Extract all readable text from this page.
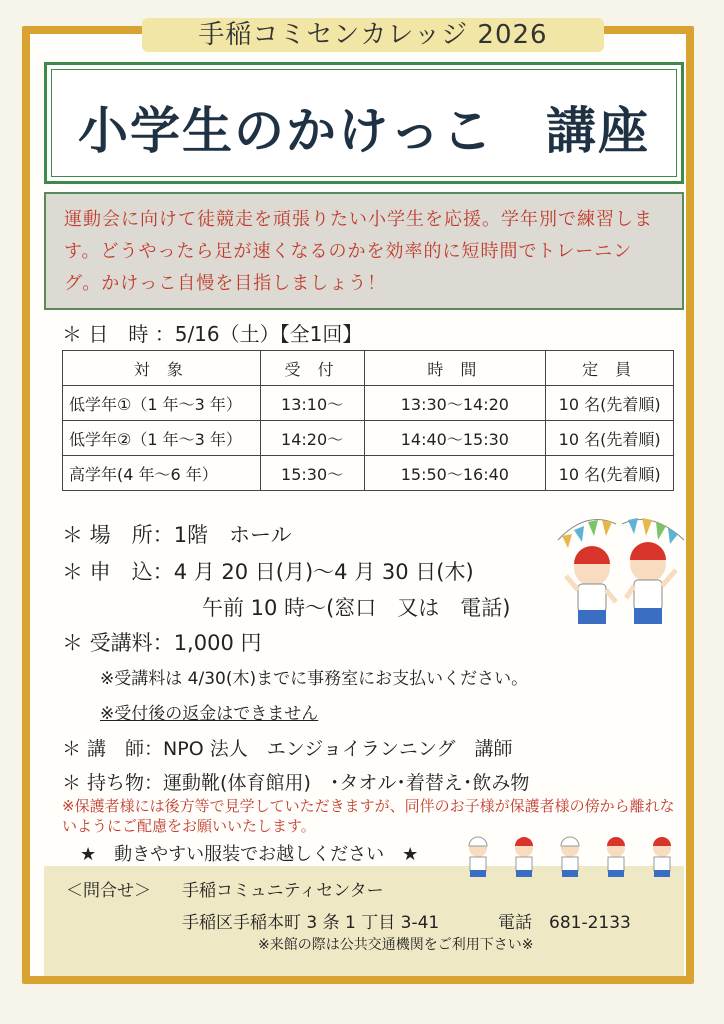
手稲コミセンカレッジ 2026
小学生のかけっこ　講座
運動会に向けて徒競走を頑張りたい小学生を応援。学年別で練習します。どうやったら足が速くなるのかを効率的に短時間でトレーニング。かけっこ自慢を目指しましょう！
＊ 日　時 ：5/16（土）【全1回】
対 象	受 付	時 間	定 員
低学年①（1 年～3 年）	13:10～	13:30～14:20	10 名(先着順)
低学年②（1 年～3 年）	14:20～	14:40～15:30	10 名(先着順)
高学年(4 年～6 年）	15:30～	15:50～16:40	10 名(先着順)
＊ 場　所：1階　ホール
＊ 申　込：4 月 20 日(月)～4 月 30 日(木)
午前 10 時～(窓口　又は　電話)
＊ 受講料：1,000 円
※受講料は 4/30(木)までに事務室にお支払いください。
※受付後の返金はできません
＊ 講　師：NPO 法人　エンジョイランニング　講師
＊ 持ち物：運動靴(体育館用)　･タオル･着替え･飲み物
※保護者様には後方等で見学していただきますが、同伴のお子様が保護者様の傍から離れないようにご配慮をお願いいたします。
★　動きやすい服装でお越しください　★
＜問合せ＞ 手稲コミュニティセンター
手稲区手稲本町 3 条 1 丁目 3-41	電話　681-2133
※来館の際は公共交通機関をご利用下さい※
